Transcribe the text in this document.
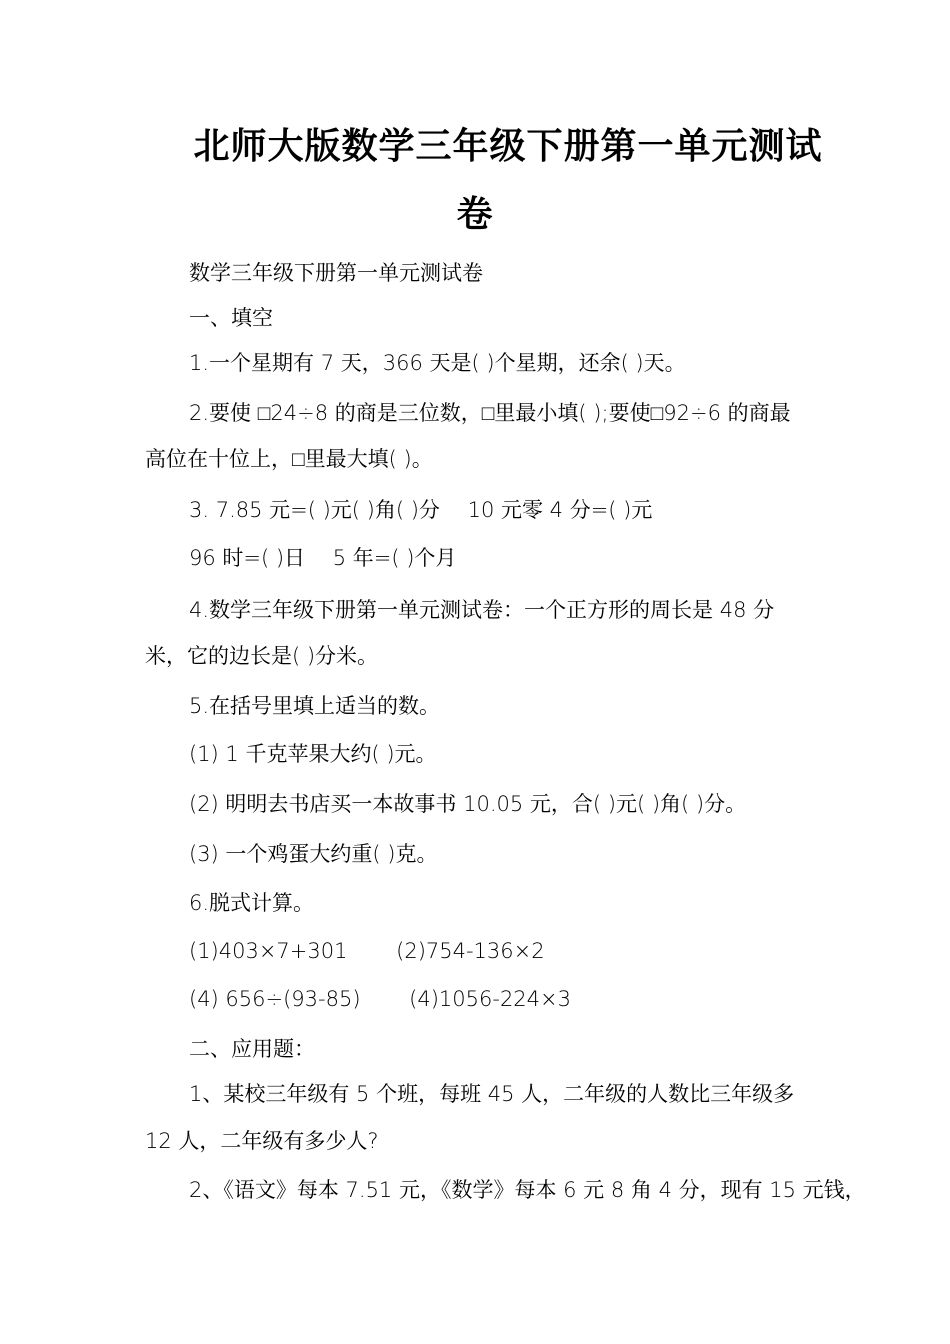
北师大版数学三年级下册第一单元测试
卷
数学三年级下册第一单元测试卷
一、填空
1.一个星期有 7 天，366 天是( )个星期，还余( )天。
2.要使 □24÷8 的商是三位数，□里最小填( );要使□92÷6 的商最
高位在十位上，□里最大填( )。
3. 7.85 元=( )元( )角( )分　 10 元零 4 分=( )元
96 时=( )日　 5 年=( )个月
4.数学三年级下册第一单元测试卷：一个正方形的周长是 48 分
米，它的边长是( )分米。
5.在括号里填上适当的数。
(1) 1 千克苹果大约( )元。
(2) 明明去书店买一本故事书 10.05 元，合( )元( )角( )分。
(3) 一个鸡蛋大约重( )克。
6.脱式计算。
(1)403×7+301　　 (2)754-136×2
(4) 656÷(93-85)　　 (4)1056-224×3
二、应用题：
1、某校三年级有 5 个班，每班 45 人，二年级的人数比三年级多
12 人，二年级有多少人?
2、《语文》每本 7.51 元，《数学》每本 6 元 8 角 4 分，现有 15 元钱，
